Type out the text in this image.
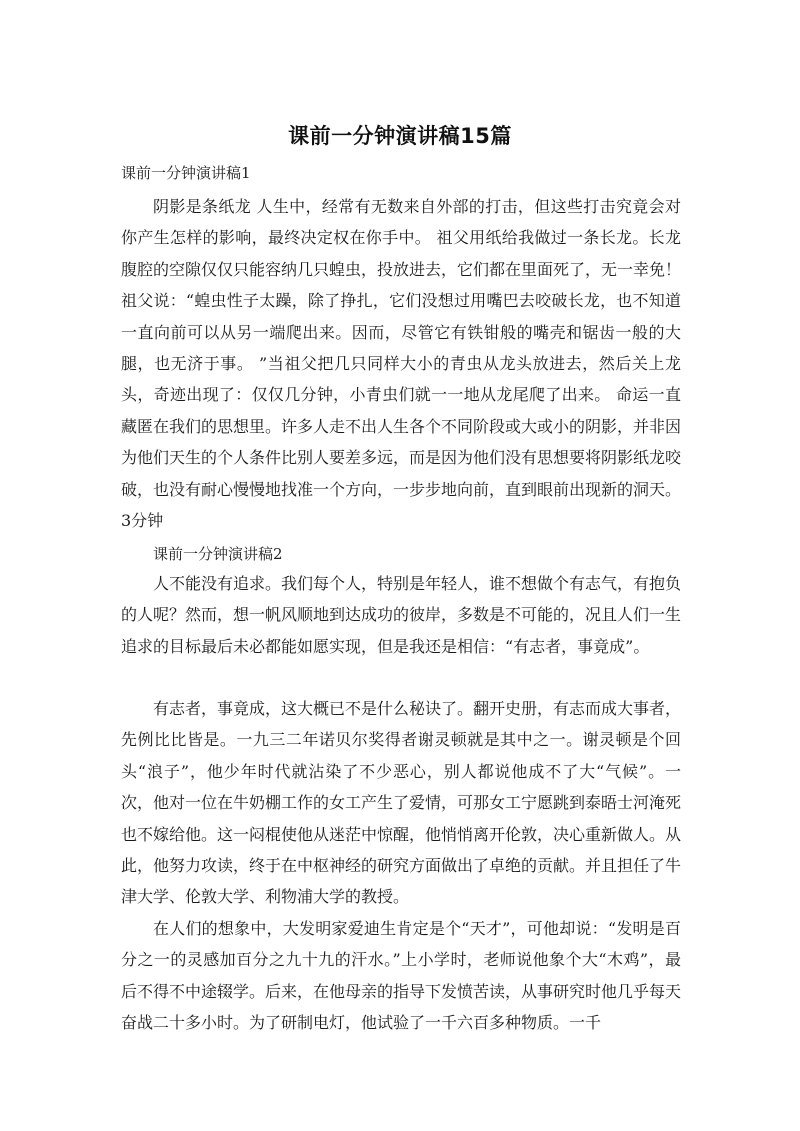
课前一分钟演讲稿15篇
课前一分钟演讲稿1

阴影是条纸龙 人生中，经常有无数来自外部的打击，但这些打击究竟会对你产生怎样的影响，最终决定权在你手中。 祖父用纸给我做过一条长龙。长龙腹腔的空隙仅仅只能容纳几只蝗虫，投放进去，它们都在里面死了，无一幸免！祖父说：“蝗虫性子太躁，除了挣扎，它们没想过用嘴巴去咬破长龙，也不知道一直向前可以从另一端爬出来。因而，尽管它有铁钳般的嘴壳和锯齿一般的大腿，也无济于事。 ”当祖父把几只同样大小的青虫从龙头放进去，然后关上龙头，奇迹出现了：仅仅几分钟，小青虫们就一一地从龙尾爬了出来。 命运一直藏匿在我们的思想里。许多人走不出人生各个不同阶段或大或小的阴影，并非因为他们天生的个人条件比别人要差多远，而是因为他们没有思想要将阴影纸龙咬破，也没有耐心慢慢地找准一个方向，一步步地向前，直到眼前出现新的洞天。 3分钟

课前一分钟演讲稿2

人不能没有追求。我们每个人，特别是年轻人，谁不想做个有志气，有抱负的人呢？然而，想一帆风顺地到达成功的彼岸，多数是不可能的，况且人们一生追求的目标最后未必都能如愿实现，但是我还是相信：“有志者，事竟成”。

有志者，事竟成，这大概已不是什么秘诀了。翻开史册，有志而成大事者，先例比比皆是。一九三二年诺贝尔奖得者谢灵顿就是其中之一。谢灵顿是个回头“浪子”，他少年时代就沾染了不少恶心，别人都说他成不了大“气候”。一次，他对一位在牛奶棚工作的女工产生了爱情，可那女工宁愿跳到泰晤士河淹死也不嫁给他。这一闷棍使他从迷茫中惊醒，他悄悄离开伦敦，决心重新做人。从此，他努力攻读，终于在中枢神经的研究方面做出了卓绝的贡献。并且担任了牛津大学、伦敦大学、利物浦大学的教授。

在人们的想象中，大发明家爱迪生肯定是个“天才”，可他却说：“发明是百分之一的灵感加百分之九十九的汗水。”上小学时，老师说他象个大“木鸡”，最后不得不中途辍学。后来，在他母亲的指导下发愤苦读，从事研究时他几乎每天奋战二十多小时。为了研制电灯，他试验了一千六百多种物质。一千
